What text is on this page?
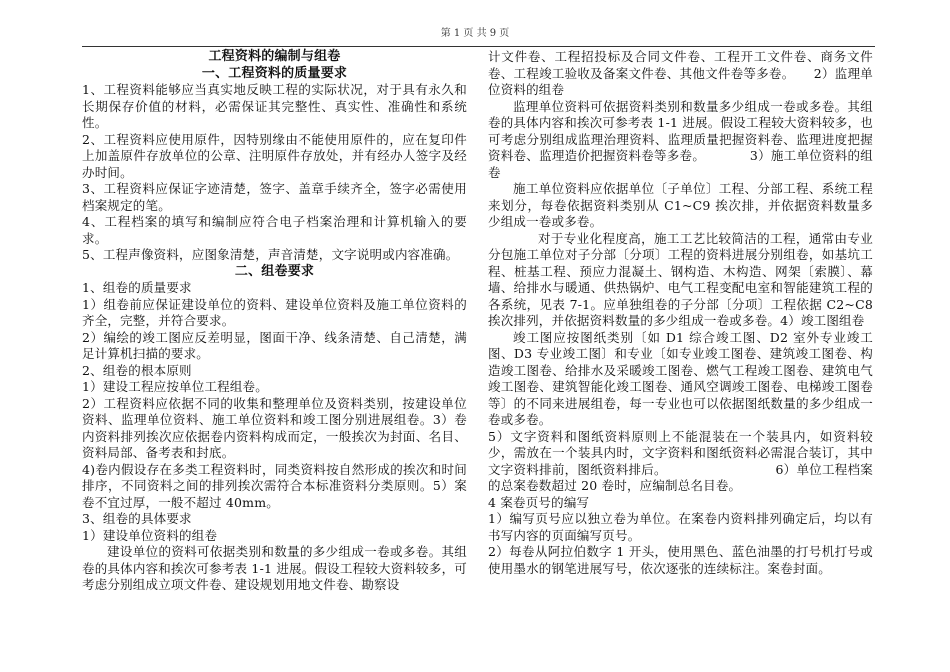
第 1 页 共 9 页
工程资料的编制与组卷
一、工程资料的质量要求

1、工程资料能够应当真实地反映工程的实际状况，对于具有永久和长期保存价值的材料，必需保证其完整性、真实性、准确性和系统性。

2、工程资料应使用原件，因特别缘由不能使用原件的，应在复印件上加盖原件存放单位的公章、注明原件存放处，并有经办人签字及经办时间。

3、工程资料应保证字迹清楚，签字、盖章手续齐全，签字必需使用档案规定的笔。

4、工程档案的填写和编制应符合电子档案治理和计算机输入的要求。

5、工程声像资料，应图象清楚，声音清楚，文字说明或内容准确。

二、组卷要求

1、组卷的质量要求

1）组卷前应保证建设单位的资料、建设单位资料及施工单位资料的齐全，完整，并符合要求。

2）编绘的竣工图应反差明显，图面干净、线条清楚、自己清楚，满足计算机扫描的要求。

2、组卷的根本原则

1）建设工程应按单位工程组卷。

2）工程资料应依据不同的收集和整理单位及资料类别，按建设单位资料、监理单位资料、施工单位资料和竣工图分别进展组卷。3）卷内资料排列挨次应依据卷内资料构成而定，一般挨次为封面、名目、资料局部、备考表和封底。

4)卷内假设存在多类工程资料时，同类资料按自然形成的挨次和时间排序，不同资料之间的排列挨次需符合本标准资料分类原则。5）案卷不宜过厚，一般不超过 40mm。

3、组卷的具体要求

1）建设单位资料的组卷

建设单位的资料可依据类别和数量的多少组成一卷或多卷。其组卷的具体内容和挨次可参考表 1-1 进展。假设工程较大资料较多，可考虑分别组成立项文件卷、建设规划用地文件卷、勘察设

计文件卷、工程招投标及合同文件卷、工程开工文件卷、商务文件卷、工程竣工验收及备案文件卷、其他文件卷等多卷。　　2）监理单位资料的组卷

监理单位资料可依据资料类别和数量多少组成一卷或多卷。其组卷的具体内容和挨次可参考表 1-1 进展。假设工程较大资料较多，也可考虑分别组成监理治理资料、监理质量把握资料卷、监理进度把握资料卷、监理造价把握资料卷等多卷。　　　　3）施工单位资料的组卷

施工单位资料应依据单位〔子单位〕工程、分部工程、系统工程来划分，每卷依据资料类别从 C1~C9 挨次排，并依据资料数量多少组成一卷或多卷。

对于专业化程度高，施工工艺比较简洁的工程，通常由专业分包施工单位对子分部〔分项〕工程的资料进展分别组卷，如基坑工程、桩基工程、预应力混凝土、钢构造、木构造、网架〔索膜〕、幕墙、给排水与暖通、供热锅炉、电气工程变配电室和智能建筑工程的各系统，见表 7-1。应单独组卷的子分部〔分项〕工程依据 C2~C8 挨次排列，并依据资料数量的多少组成一卷或多卷。4）竣工图组卷

竣工图应按图纸类别〔如 D1 综合竣工图、D2 室外专业竣工图、D3 专业竣工图〕和专业〔如专业竣工图卷、建筑竣工图卷、构造竣工图卷、给排水及采暖竣工图卷、燃气工程竣工图卷、建筑电气竣工图卷、建筑智能化竣工图卷、通风空调竣工图卷、电梯竣工图卷等〕的不同来进展组卷，每一专业也可以依据图纸数量的多少组成一卷或多卷。

5）文字资料和图纸资料原则上不能混装在一个装具内，如资料较少，需放在一个装具内时，文字资料和图纸资料必需混合装订，其中文字资料排前，图纸资料排后。　　　　　　　　　6）单位工程档案的总案卷数超过 20 卷时，应编制总名目卷。

4 案卷页号的编写

1）编写页号应以独立卷为单位。在案卷内资料排列确定后，均以有书写内容的页面编写页号。

2）每卷从阿拉伯数字 1 开头，使用黑色、蓝色油墨的打号机打号或使用墨水的钢笔进展写号，依次逐张的连续标注。案卷封面。
